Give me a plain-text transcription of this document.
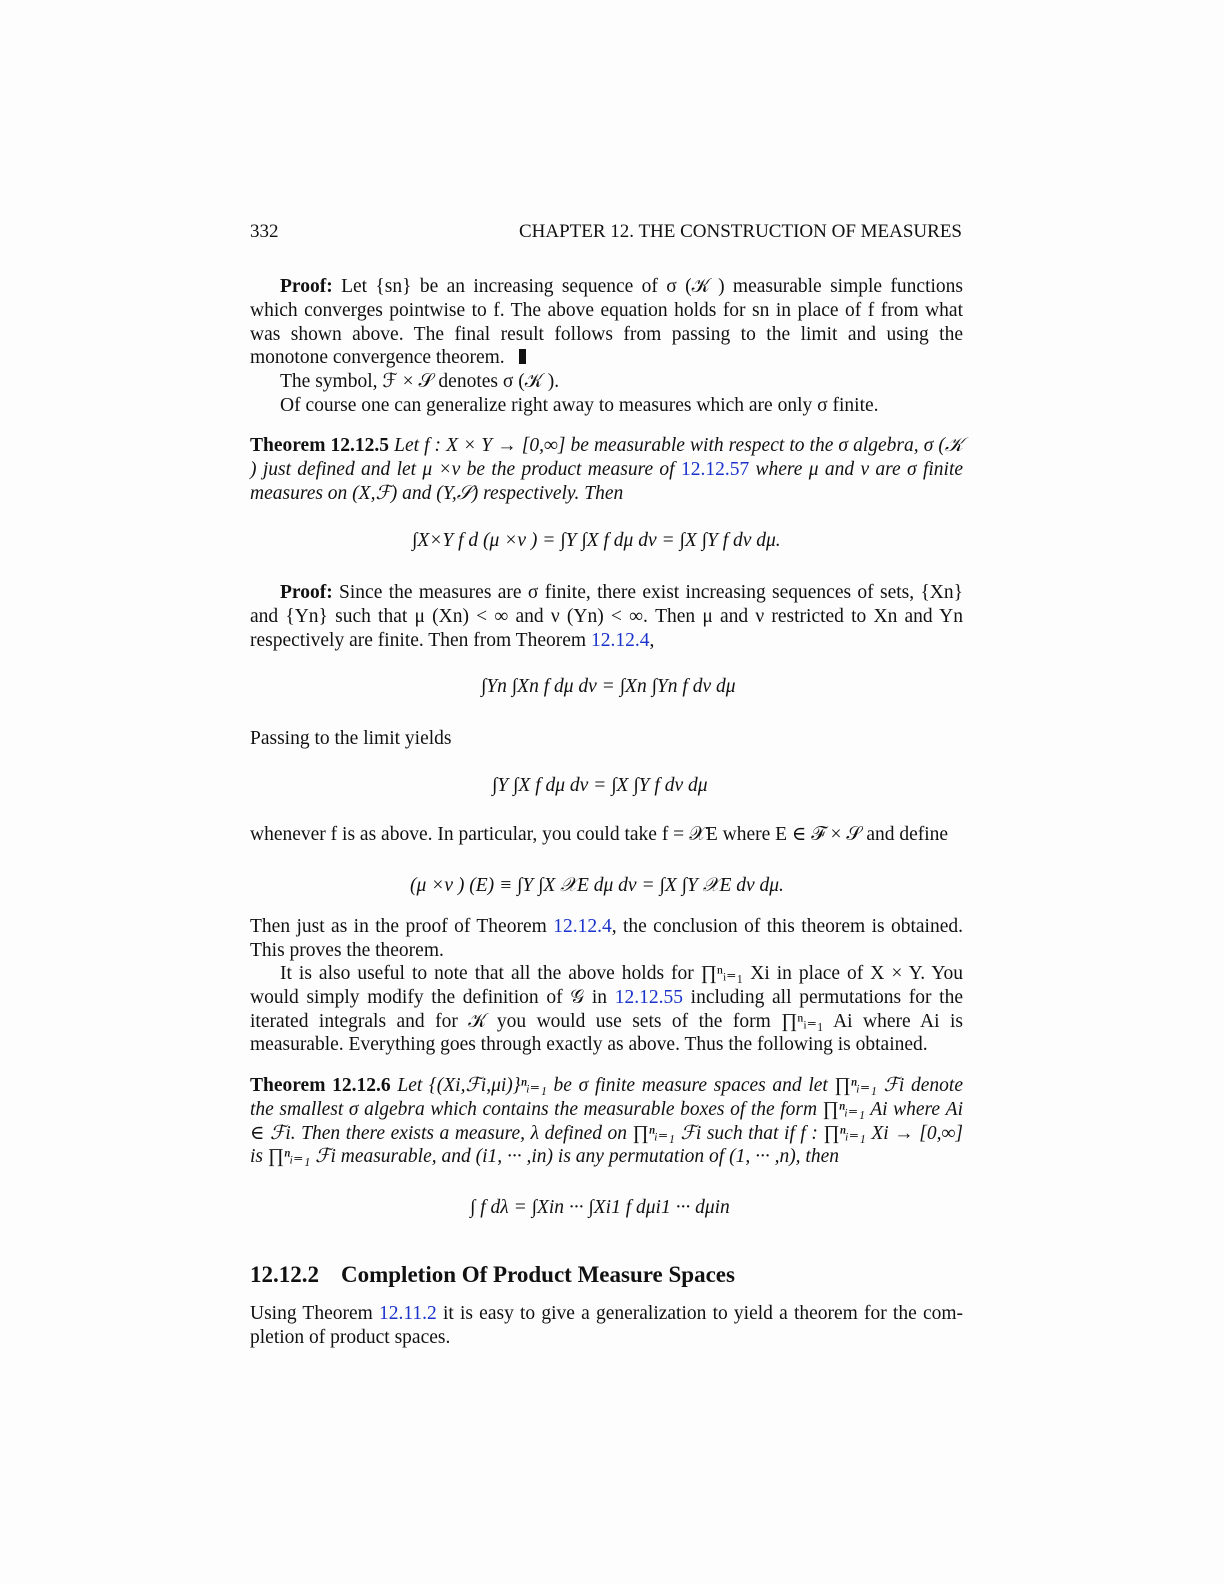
332	CHAPTER 12. THE CONSTRUCTION OF MEASURES
Proof: Let {sn} be an increasing sequence of σ (𝒦 ) measurable simple functions which converges pointwise to f. The above equation holds for sn in place of f from what was shown above. The final result follows from passing to the limit and using the monotone convergence theorem.
The symbol, ℱ × 𝒮 denotes σ (𝒦 ).
Of course one can generalize right away to measures which are only σ finite.
Theorem 12.12.5 Let f : X × Y → [0,∞] be measurable with respect to the σ algebra, σ (𝒦 ) just defined and let μ ×ν be the product measure of 12.12.57 where μ and ν are σ finite measures on (X,ℱ) and (Y,𝒮) respectively. Then
∫X×Y f d (μ ×ν ) = ∫Y ∫X f dμ dν = ∫X ∫Y f dν dμ.
Proof: Since the measures are σ finite, there exist increasing sequences of sets, {Xn} and {Yn} such that μ (Xn) < ∞ and ν (Yn) < ∞. Then μ and ν restricted to Xn and Yn respectively are finite. Then from Theorem 12.12.4,
∫Yn ∫Xn f dμ dν = ∫Xn ∫Yn f dν dμ
Passing to the limit yields
∫Y ∫X f dμ dν = ∫X ∫Y f dν dμ
whenever f is as above. In particular, you could take f = 𝒳E where E ∈ ℱ × 𝒮 and define
(μ ×ν ) (E) ≡ ∫Y ∫X 𝒳E dμ dν = ∫X ∫Y 𝒳E dν dμ.
Then just as in the proof of Theorem 12.12.4, the conclusion of this theorem is obtained. This proves the theorem.
It is also useful to note that all the above holds for ∏ⁿᵢ₌₁ Xi in place of X × Y. You would simply modify the definition of 𝒢 in 12.12.55 including all permutations for the iterated integrals and for 𝒦 you would use sets of the form ∏ⁿᵢ₌₁ Ai where Ai is measurable. Everything goes through exactly as above. Thus the following is obtained.
Theorem 12.12.6 Let {(Xi,ℱi,μi)}ⁿᵢ₌₁ be σ finite measure spaces and let ∏ⁿᵢ₌₁ ℱi denote the smallest σ algebra which contains the measurable boxes of the form ∏ⁿᵢ₌₁ Ai where Ai ∈ ℱi. Then there exists a measure, λ defined on ∏ⁿᵢ₌₁ ℱi such that if f : ∏ⁿᵢ₌₁ Xi → [0,∞] is ∏ⁿᵢ₌₁ ℱi measurable, and (i1, ··· ,in) is any permutation of (1, ··· ,n), then
∫ f dλ = ∫Xin ··· ∫Xi1 f dμi1 ··· dμin
12.12.2 Completion Of Product Measure Spaces
Using Theorem 12.11.2 it is easy to give a generalization to yield a theorem for the com- pletion of product spaces.
